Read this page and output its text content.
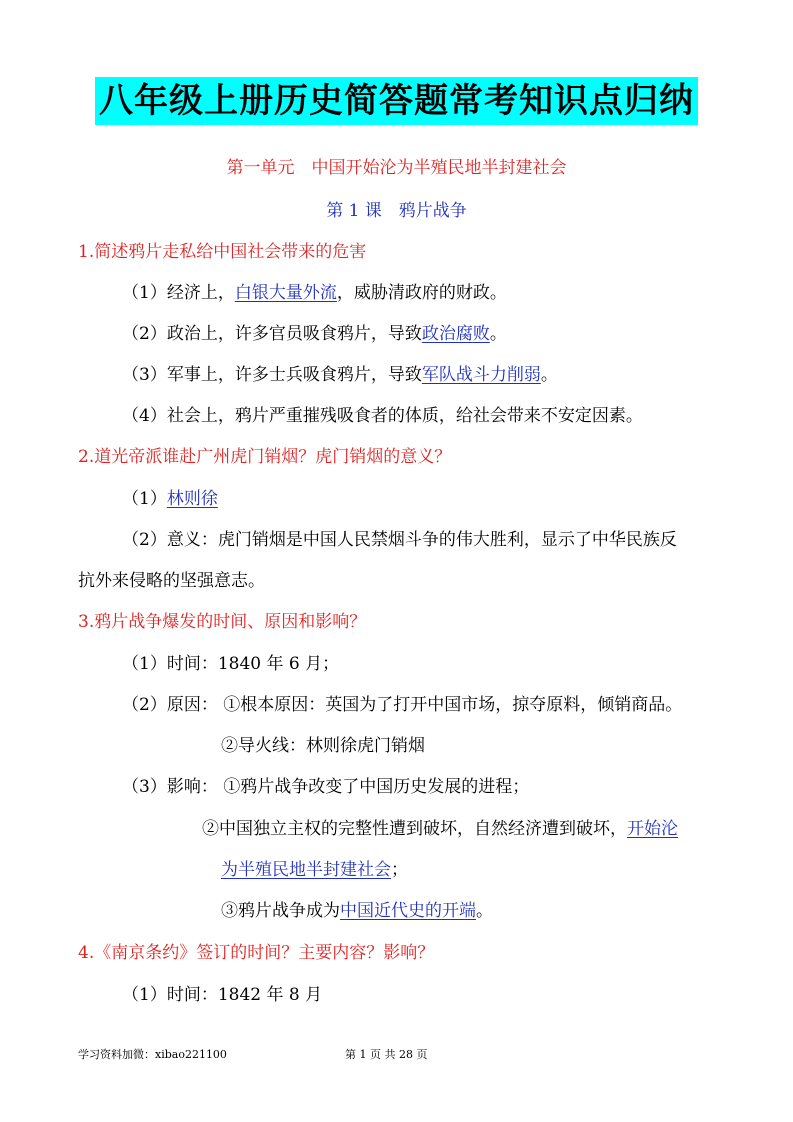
八年级上册历史简答题常考知识点归纳
第一单元　中国开始沦为半殖民地半封建社会
第 1 课　鸦片战争
1.简述鸦片走私给中国社会带来的危害
（1）经济上，白银大量外流，威胁清政府的财政。
（2）政治上，许多官员吸食鸦片，导致政治腐败。
（3）军事上，许多士兵吸食鸦片，导致军队战斗力削弱。
（4）社会上，鸦片严重摧残吸食者的体质，给社会带来不安定因素。
2.道光帝派谁赴广州虎门销烟？虎门销烟的意义？
（1）林则徐
（2）意义：虎门销烟是中国人民禁烟斗争的伟大胜利，显示了中华民族反
抗外来侵略的坚强意志。
3.鸦片战争爆发的时间、原因和影响？
（1）时间：1840 年 6 月；
（2）原因： ①根本原因：英国为了打开中国市场，掠夺原料，倾销商品。
②导火线：林则徐虎门销烟
（3）影响： ①鸦片战争改变了中国历史发展的进程；
②中国独立主权的完整性遭到破坏，自然经济遭到破坏，开始沦
为半殖民地半封建社会；
③鸦片战争成为中国近代史的开端。
4.《南京条约》签订的时间？主要内容？影响？
（1）时间：1842 年 8 月
学习资料加微：xibao221100	第 1 页 共 28 页
